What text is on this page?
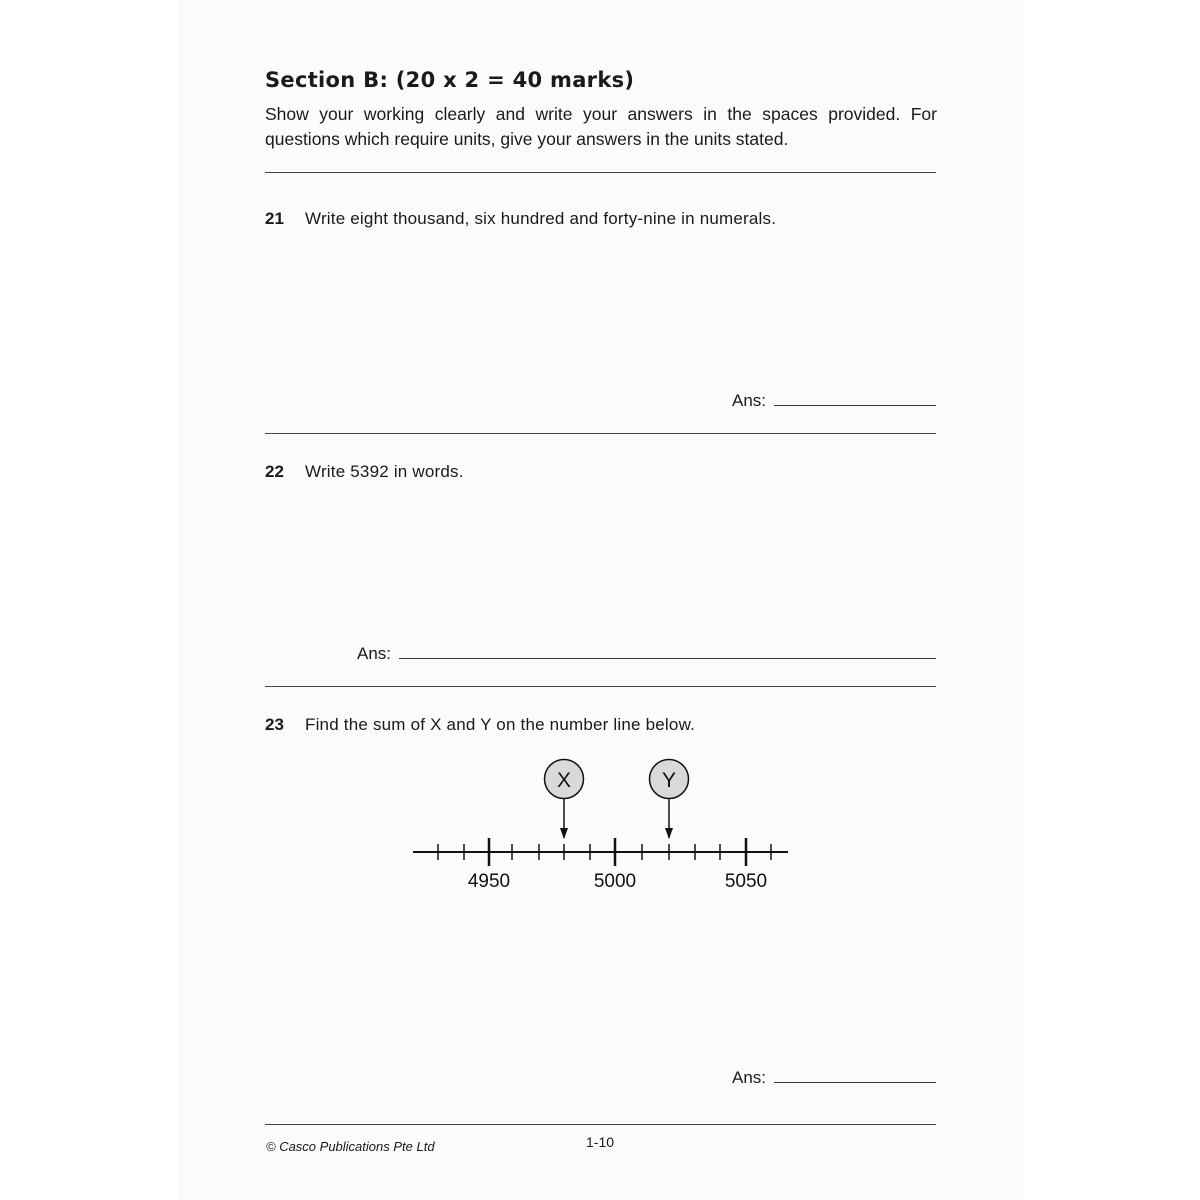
Section B: (20 x 2 = 40 marks)
Show your working clearly and write your answers in the spaces provided. For
questions which require units, give your answers in the units stated.
21 Write eight thousand, six hundred and forty-nine in numerals.
Ans:
22 Write 5392 in words.
Ans:
23 Find the sum of X and Y on the number line below.
X	Y
4950	5000	5050
Ans:
© Casco Publications Pte Ltd	1-10
